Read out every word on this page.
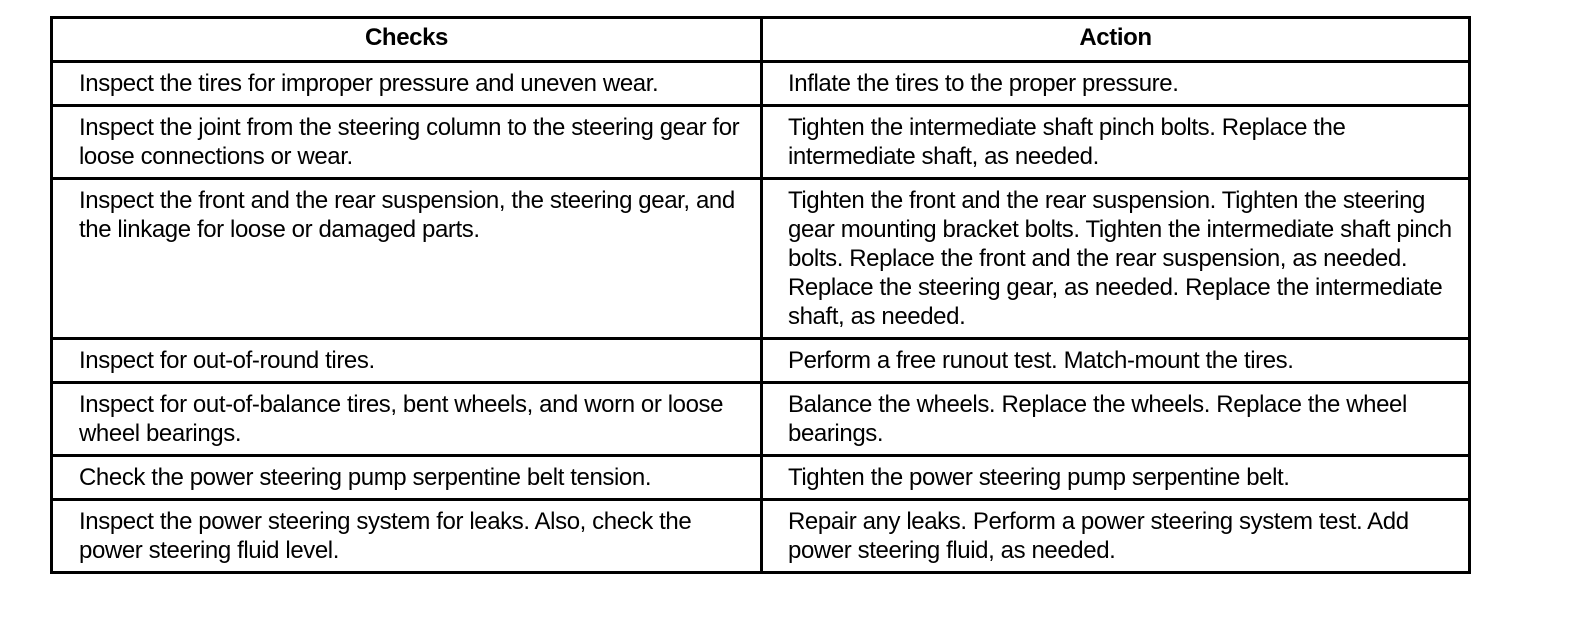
Checks	Action
Inspect the tires for improper pressure and uneven wear.	Inflate the tires to the proper pressure.
Inspect the joint from the steering column to the steering gear for loose connections or wear.	Tighten the intermediate shaft pinch bolts. Replace the intermediate shaft, as needed.
Inspect the front and the rear suspension, the steering gear, and the linkage for loose or damaged parts.	Tighten the front and the rear suspension. Tighten the steering gear mounting bracket bolts. Tighten the intermediate shaft pinch bolts. Replace the front and the rear suspension, as needed. Replace the steering gear, as needed. Replace the intermediate shaft, as needed.
Inspect for out-of-round tires.	Perform a free runout test. Match-mount the tires.
Inspect for out-of-balance tires, bent wheels, and worn or loose wheel bearings.	Balance the wheels. Replace the wheels. Replace the wheel bearings.
Check the power steering pump serpentine belt tension.	Tighten the power steering pump serpentine belt.
Inspect the power steering system for leaks. Also, check the power steering fluid level.	Repair any leaks. Perform a power steering system test. Add power steering fluid, as needed.
